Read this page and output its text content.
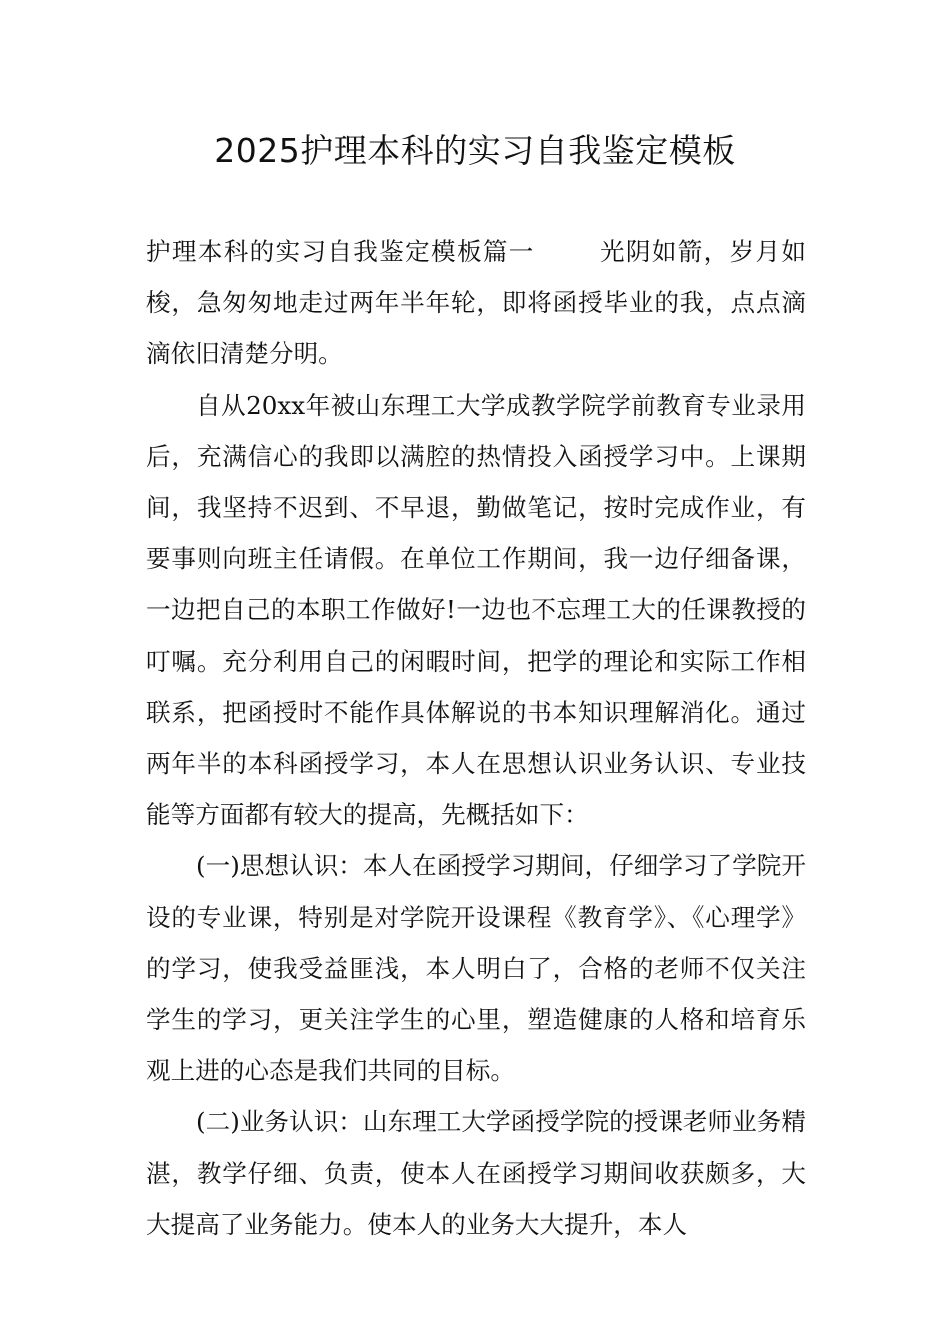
2025护理本科的实习自我鉴定模板

护理本科的实习自我鉴定模板篇一	光阴如箭，岁月如梭，急匆匆地走过两年半年轮，即将函授毕业的我，点点滴滴依旧清楚分明。

自从20xx年被山东理工大学成教学院学前教育专业录用后，充满信心的我即以满腔的热情投入函授学习中。上课期间，我坚持不迟到、不早退，勤做笔记，按时完成作业，有要事则向班主任请假。在单位工作期间，我一边仔细备课，一边把自己的本职工作做好!一边也不忘理工大的任课教授的叮嘱。充分利用自己的闲暇时间，把学的理论和实际工作相联系，把函授时不能作具体解说的书本知识理解消化。通过两年半的本科函授学习，本人在思想认识业务认识、专业技能等方面都有较大的提高，先概括如下：

(一)思想认识：本人在函授学习期间，仔细学习了学院开设的专业课，特别是对学院开设课程《教育学》、《心理学》的学习，使我受益匪浅，本人明白了，合格的老师不仅关注学生的学习，更关注学生的心里，塑造健康的人格和培育乐观上进的心态是我们共同的目标。

(二)业务认识：山东理工大学函授学院的授课老师业务精湛，教学仔细、负责，使本人在函授学习期间收获颇多，大大提高了业务能力。使本人的业务大大提升，本人
